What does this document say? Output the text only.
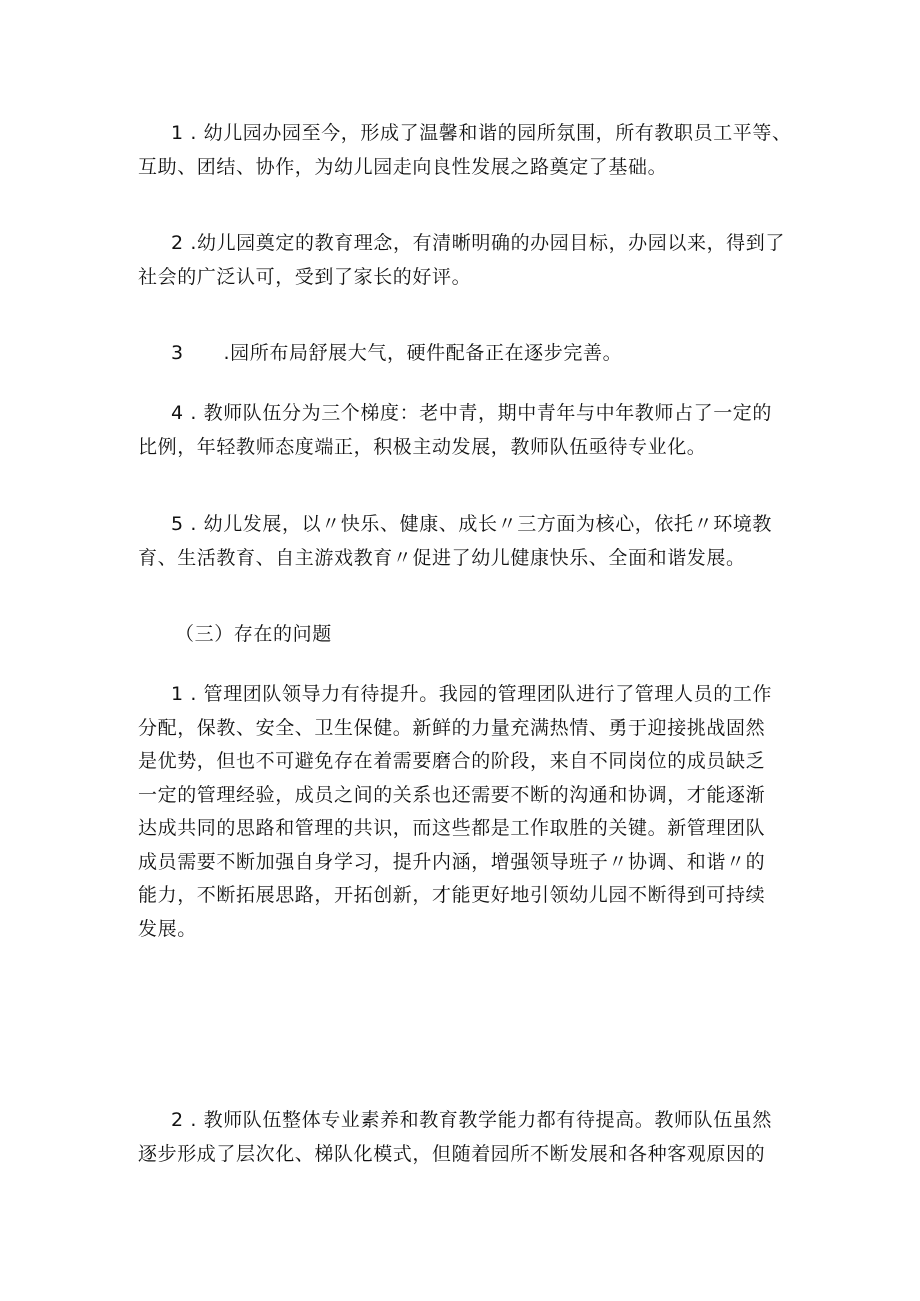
1 . 幼儿园办园至今，形成了温馨和谐的园所氛围，所有教职员工平等、
互助、团结、协作，为幼儿园走向良性发展之路奠定了基础。
2 .幼儿园奠定的教育理念，有清晰明确的办园目标，办园以来，得到了
社会的广泛认可，受到了家长的好评。
3      .园所布局舒展大气，硬件配备正在逐步完善。
4 . 教师队伍分为三个梯度：老中青，期中青年与中年教师占了一定的
比例，年轻教师态度端正，积极主动发展，教师队伍亟待专业化。
5 . 幼儿发展，以〃快乐、健康、成长〃三方面为核心，依托〃环境教
育、生活教育、自主游戏教育〃促进了幼儿健康快乐、全面和谐发展。
（三）存在的问题
1 . 管理团队领导力有待提升。我园的管理团队进行了管理人员的工作
分配，保教、安全、卫生保健。新鲜的力量充满热情、勇于迎接挑战固然
是优势，但也不可避免存在着需要磨合的阶段，来自不同岗位的成员缺乏
一定的管理经验，成员之间的关系也还需要不断的沟通和协调，才能逐渐
达成共同的思路和管理的共识，而这些都是工作取胜的关键。新管理团队
成员需要不断加强自身学习，提升内涵，增强领导班子〃协调、和谐〃的
能力，不断拓展思路，开拓创新，才能更好地引领幼儿园不断得到可持续
发展。
2 . 教师队伍整体专业素养和教育教学能力都有待提高。教师队伍虽然
逐步形成了层次化、梯队化模式，但随着园所不断发展和各种客观原因的
